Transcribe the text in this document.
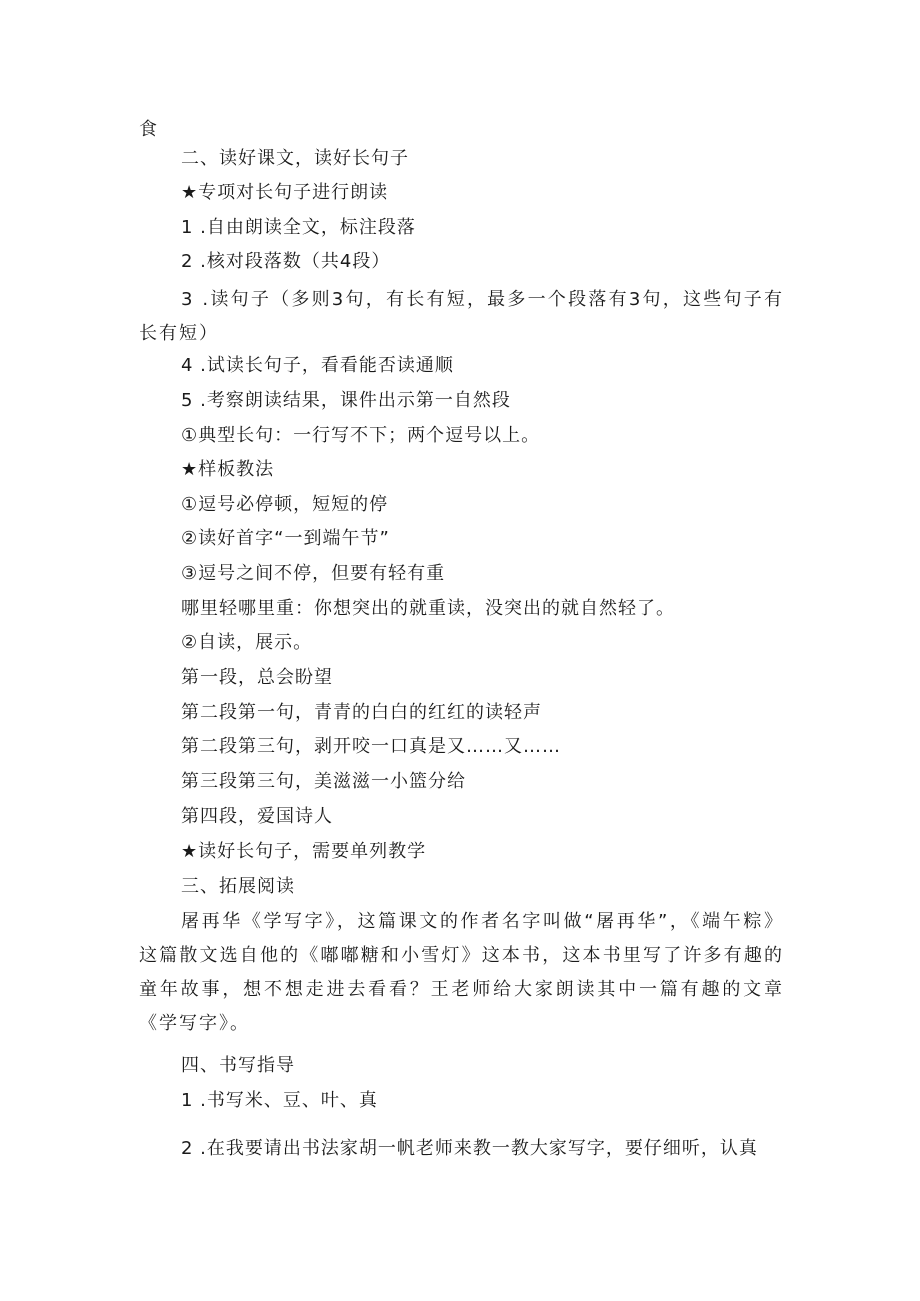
食
二、读好课文，读好长句子
★专项对长句子进行朗读
1 .自由朗读全文，标注段落
2 .核对段落数（共4段）
3 .读句子（多则3句，有长有短，最多一个段落有3句，这些句子有长有短）
4 .试读长句子，看看能否读通顺
5 .考察朗读结果，课件出示第一自然段
①典型长句：一行写不下；两个逗号以上。
★样板教法
①逗号必停顿，短短的停
②读好首字“一到端午节”
③逗号之间不停，但要有轻有重
哪里轻哪里重：你想突出的就重读，没突出的就自然轻了。
②自读，展示。
第一段，总会盼望
第二段第一句，青青的白白的红红的读轻声
第二段第三句，剥开咬一口真是又……又……
第三段第三句，美滋滋一小篮分给
第四段，爱国诗人
★读好长句子，需要单列教学
三、拓展阅读
屠再华《学写字》，这篇课文的作者名字叫做“屠再华”，《端午粽》这篇散文选自他的《嘟嘟糖和小雪灯》这本书，这本书里写了许多有趣的童年故事，想不想走进去看看？王老师给大家朗读其中一篇有趣的文章《学写字》。
四、书写指导
1 .书写米、豆、叶、真
2 .在我要请出书法家胡一帆老师来教一教大家写字，要仔细听，认真
